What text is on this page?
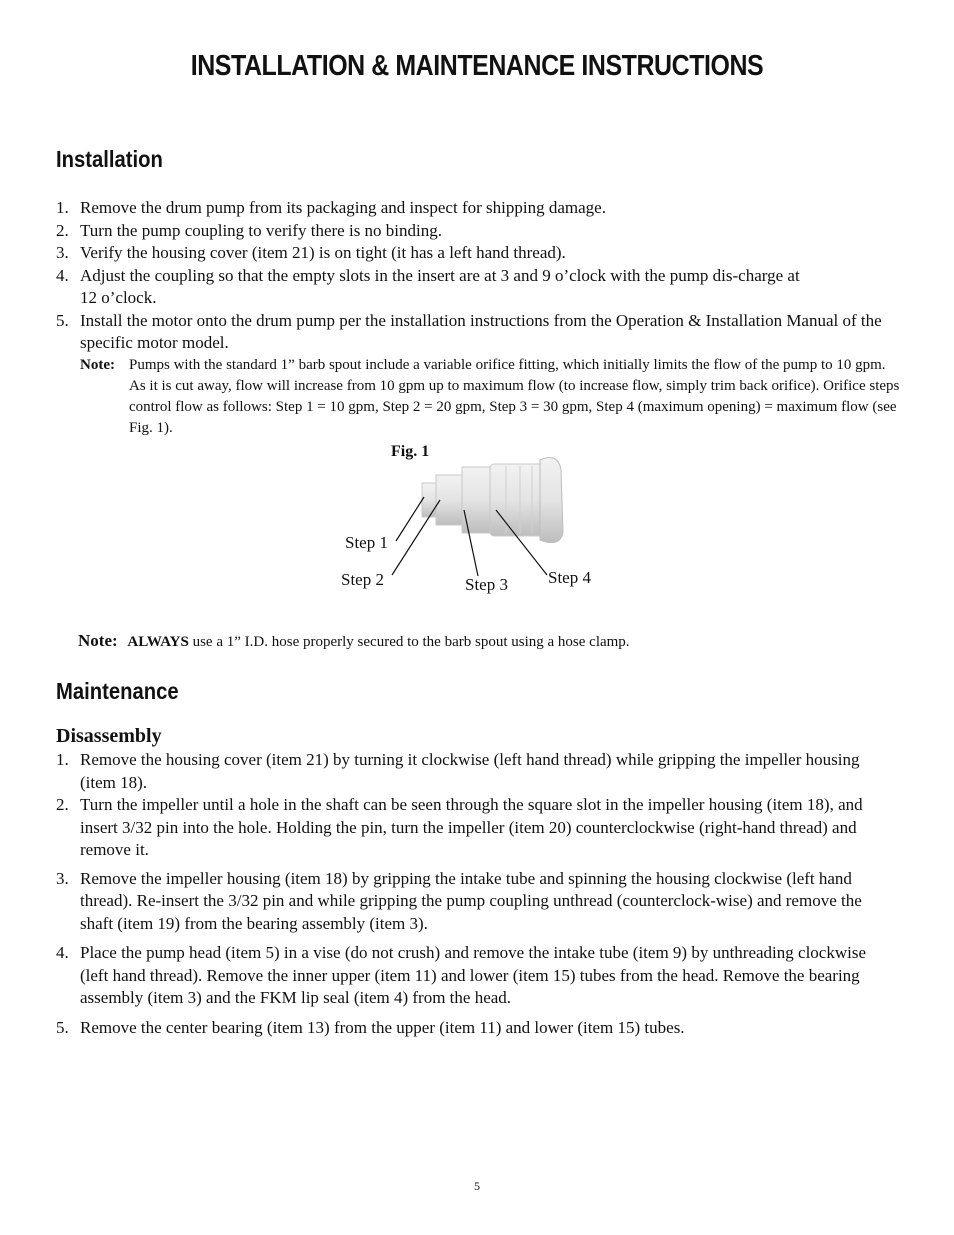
INSTALLATION & MAINTENANCE INSTRUCTIONS
Installation
1. Remove the drum pump from its packaging and inspect for shipping damage.
2. Turn the pump coupling to verify there is no binding.
3. Verify the housing cover (item 21) is on tight (it has a left hand thread).
4. Adjust the coupling so that the empty slots in the insert are at 3 and 9 o’clock with the pump dis-charge at 12 o’clock.
5. Install the motor onto the drum pump per the installation instructions from the Operation & Installation Manual of the specific motor model.
Note: Pumps with the standard 1” barb spout include a variable orifice fitting, which initially limits the flow of the pump to 10 gpm. As it is cut away, flow will increase from 10 gpm up to maximum flow (to increase flow, simply trim back orifice). Orifice steps control flow as follows: Step 1 = 10 gpm, Step 2 = 20 gpm, Step 3 = 30 gpm, Step 4 (maximum opening) = maximum flow (see Fig. 1).
Fig. 1
Step 1
Step 2	Step 3 Step 4
Note: ALWAYS use a 1” I.D. hose properly secured to the barb spout using a hose clamp.
Maintenance
Disassembly
1. Remove the housing cover (item 21) by turning it clockwise (left hand thread) while gripping the impeller housing (item 18).
2. Turn the impeller until a hole in the shaft can be seen through the square slot in the impeller housing (item 18), and insert 3/32 pin into the hole. Holding the pin, turn the impeller (item 20) counterclockwise (right-hand thread) and remove it.
3. Remove the impeller housing (item 18) by gripping the intake tube and spinning the housing clockwise (left hand thread). Re-insert the 3/32 pin and while gripping the pump coupling unthread (counterclock-wise) and remove the shaft (item 19) from the bearing assembly (item 3).
4. Place the pump head (item 5) in a vise (do not crush) and remove the intake tube (item 9) by unthreading clockwise (left hand thread). Remove the inner upper (item 11) and lower (item 15) tubes from the head. Remove the bearing assembly (item 3) and the FKM lip seal (item 4) from the head.
5. Remove the center bearing (item 13) from the upper (item 11) and lower (item 15) tubes.
5
